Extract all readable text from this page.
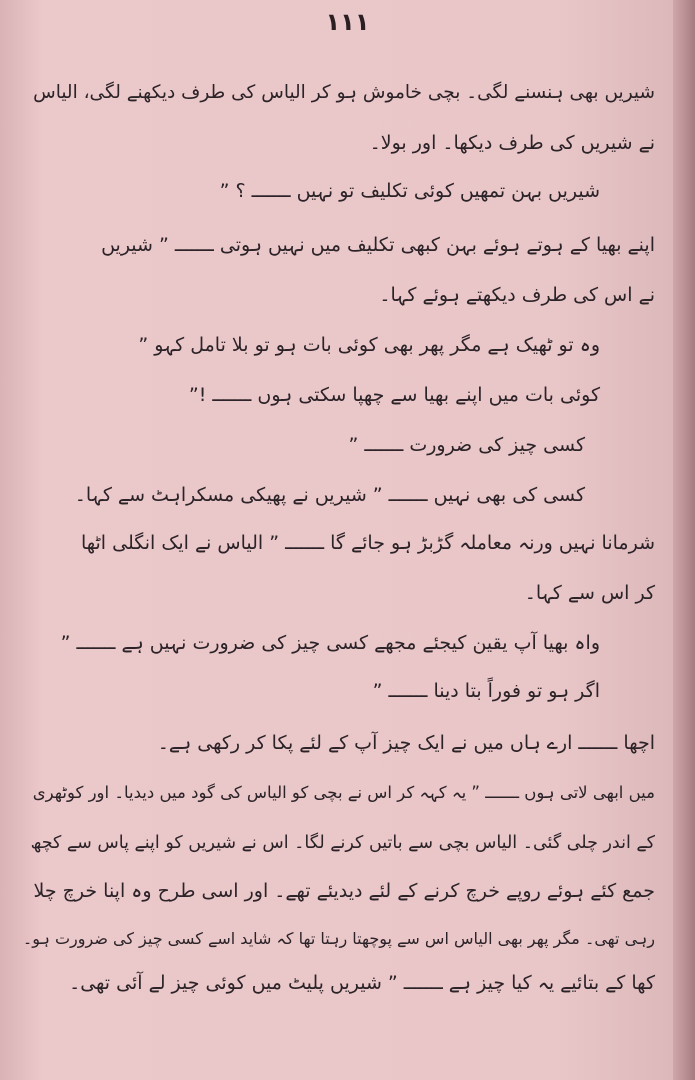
۱۱۱
شیریں بھی ہنسنے لگی۔ بچی خاموش ہو کر الیاس کی طرف دیکھنے لگی، الیاس
نے شیریں کی طرف دیکھا۔ اور بولا۔
شیریں بہن تمھیں کوئی تکلیف تو نہیں ـــــــ ؟ ”
اپنے بھیا کے ہوتے ہوئے بہن کبھی تکلیف میں نہیں ہوتی ـــــــ ” شیریں
نے اس کی طرف دیکھتے ہوئے کہا۔
وہ تو ٹھیک ہے مگر پھر بھی کوئی بات ہو تو بلا تامل کہو ”
کوئی بات میں اپنے بھیا سے چھپا سکتی ہوں ـــــــ !”
کسی چیز کی ضرورت ـــــــ ”
کسی کی بھی نہیں ـــــــ ” شیریں نے پھیکی مسکراہٹ سے کہا۔
شرمانا نہیں ورنہ معاملہ گڑبڑ ہو جائے گا ـــــــ ” الیاس نے ایک انگلی اٹھا
کر اس سے کہا۔
واہ بھیا آپ یقین کیجئے مجھے کسی چیز کی ضرورت نہیں ہے ـــــــ ”
اگر ہو تو فوراً بتا دینا ـــــــ ”
اچھا ـــــــ ارے ہاں میں نے ایک چیز آپ کے لئے پکا کر رکھی ہے۔
میں ابھی لاتی ہوں ـــــــ ” یہ کہہ کر اس نے بچی کو الیاس کی گود میں دیدیا۔ اور کوٹھری
کے اندر چلی گئی۔ الیاس بچی سے باتیں کرنے لگا۔ اس نے شیریں کو اپنے پاس سے کچھ
جمع کئے ہوئے روپے خرچ کرنے کے لئے دیدیئے تھے۔ اور اسی طرح وہ اپنا خرچ چلا
رہی تھی۔ مگر پھر بھی الیاس اس سے پوچھتا رہتا تھا کہ شاید اسے کسی چیز کی ضرورت ہو۔
کھا کے بتائیے یہ کیا چیز ہے ـــــــ ” شیریں پلیٹ میں کوئی چیز لے آئی تھی۔
